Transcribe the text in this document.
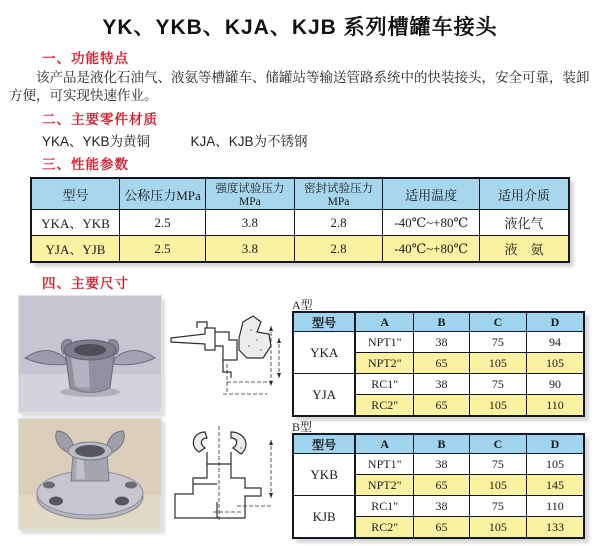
YK、YKB、KJA、KJB 系列槽罐车接头
一、功能特点
该产品是液化石油气、液氨等槽罐车、储罐站等输送管路系统中的快装接头，安全可靠，装卸方便，可实现快速作业。
二、主要零件材质
YKA、YKB为黄铜　　　KJA、KJB为不锈钢
三、性能参数
型号	公称压力MPa	强度试验压力MPa	密封试验压力MPa	适用温度	适用介质
YKA、YKB	2.5	3.8	2.8	-40℃~+80℃	液化气
YJA、YJB	2.5	3.8	2.8	-40℃~+80℃	液　氨
四、主要尺寸
A型
型号	A	B	C	D
YKA	NPT1"	38	75	94
	NPT2"	65	105	105
YJA	RC1"	38	75	90
	RC2"	65	105	110
B型
型号	A	B	C	D
YKB	NPT1"	38	75	105
	NPT2"	65	105	145
KJB	RC1"	38	75	110
	RC2"	65	105	133
